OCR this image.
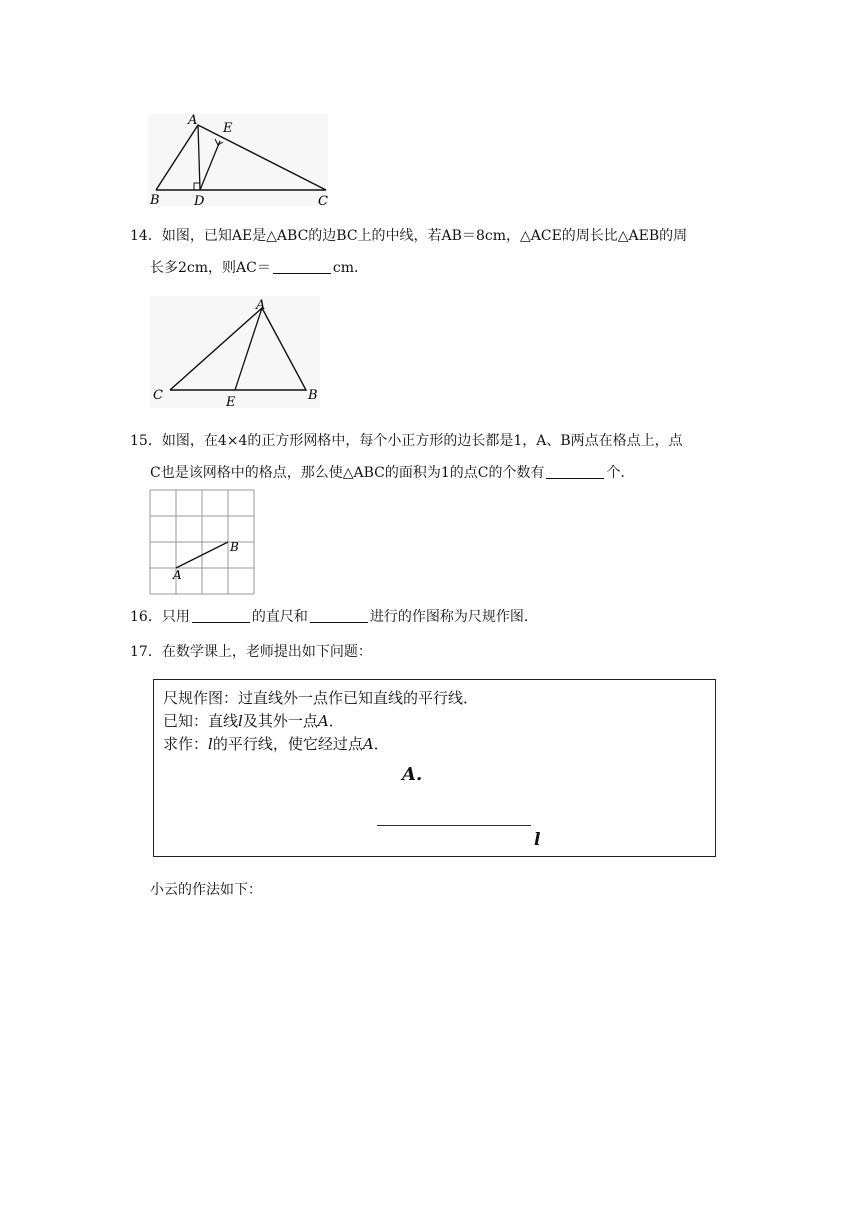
A
E
B	D	C
14．如图，已知AE是△ABC的边BC上的中线，若AB＝8cm，△ACE的周长比△AEB的周
长多2cm，则AC＝	cm．
A
C	E	B
15．如图，在4×4的正方形网格中，每个小正方形的边长都是1，A、B两点在格点上，点
C也是该网格中的格点，那么使△ABC的面积为1的点C的个数有	个．
B
A
16．只用	的直尺和	进行的作图称为尺规作图．
17．在数学课上，老师提出如下问题：
尺规作图：过直线外一点作已知直线的平行线．
已知：直线l及其外一点A．
求作：l的平行线，使它经过点A．
A.
l
小云的作法如下：
